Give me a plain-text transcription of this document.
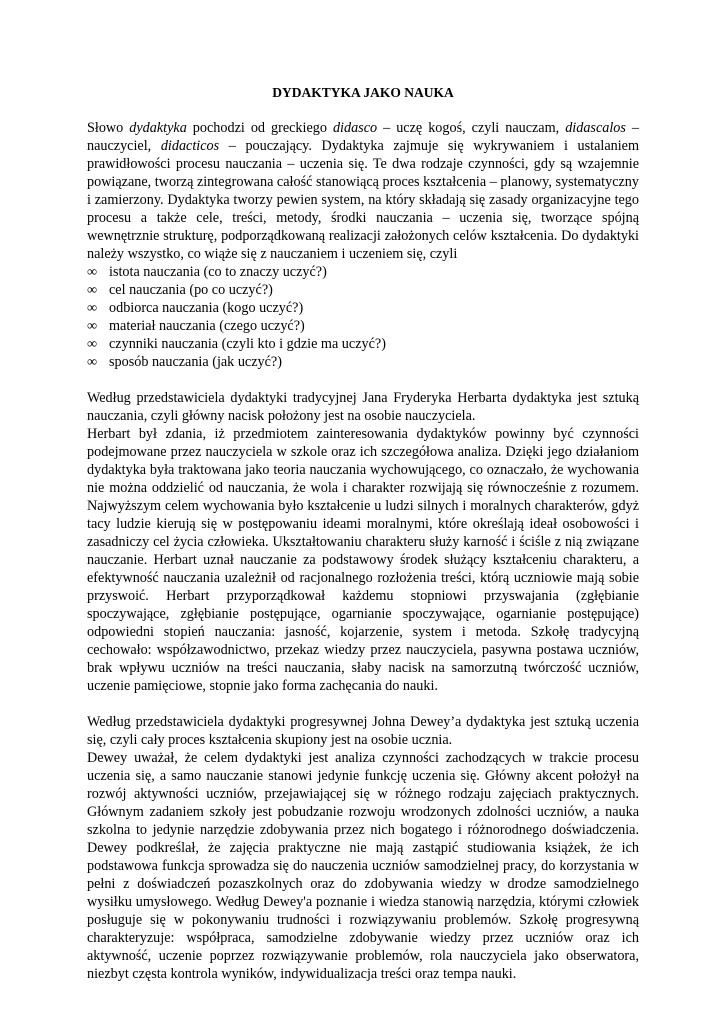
DYDAKTYKA JAKO NAUKA

Słowo dydaktyka pochodzi od greckiego didasco – uczę kogoś, czyli nauczam, didascalos – nauczyciel, didacticos – pouczający. Dydaktyka zajmuje się wykrywaniem i ustalaniem prawidłowości procesu nauczania – uczenia się. Te dwa rodzaje czynności, gdy są wzajemnie powiązane, tworzą zintegrowana całość stanowiącą proces kształcenia – planowy, systematyczny i zamierzony. Dydaktyka tworzy pewien system, na który składają się zasady organizacyjne tego procesu a także cele, treści, metody, środki nauczania – uczenia się, tworzące spójną wewnętrznie strukturę, podporządkowaną realizacji założonych celów kształcenia. Do dydaktyki należy wszystko, co wiąże się z nauczaniem i uczeniem się, czyli

∞ istota nauczania (co to znaczy uczyć?)
∞ cel nauczania (po co uczyć?)
∞ odbiorca nauczania (kogo uczyć?)
∞ materiał nauczania (czego uczyć?)
∞ czynniki nauczania (czyli kto i gdzie ma uczyć?)
∞ sposób nauczania (jak uczyć?)

Według przedstawiciela dydaktyki tradycyjnej Jana Fryderyka Herbarta dydaktyka jest sztuką nauczania, czyli główny nacisk położony jest na osobie nauczyciela.

Herbart był zdania, iż przedmiotem zainteresowania dydaktyków powinny być czynności podejmowane przez nauczyciela w szkole oraz ich szczegółowa analiza. Dzięki jego działaniom dydaktyka była traktowana jako teoria nauczania wychowującego, co oznaczało, że wychowania nie można oddzielić od nauczania, że wola i charakter rozwijają się równocześnie z rozumem. Najwyższym celem wychowania było kształcenie u ludzi silnych i moralnych charakterów, gdyż tacy ludzie kierują się w postępowaniu ideami moralnymi, które określają ideał osobowości i zasadniczy cel życia człowieka. Ukształtowaniu charakteru służy karność i ściśle z nią związane nauczanie. Herbart uznał nauczanie za podstawowy środek służący kształceniu charakteru, a efektywność nauczania uzależnił od racjonalnego rozłożenia treści, którą uczniowie mają sobie przyswoić. Herbart przyporządkował każdemu stopniowi przyswajania (zgłębianie spoczywające, zgłębianie postępujące, ogarnianie spoczywające, ogarnianie postępujące) odpowiedni stopień nauczania: jasność, kojarzenie, system i metoda. Szkołę tradycyjną cechowało: współzawodnictwo, przekaz wiedzy przez nauczyciela, pasywna postawa uczniów, brak wpływu uczniów na treści nauczania, słaby nacisk na samorzutną twórczość uczniów, uczenie pamięciowe, stopnie jako forma zachęcania do nauki.

Według przedstawiciela dydaktyki progresywnej Johna Dewey’a dydaktyka jest sztuką uczenia się, czyli cały proces kształcenia skupiony jest na osobie ucznia.

Dewey uważał, że celem dydaktyki jest analiza czynności zachodzących w trakcie procesu uczenia się, a samo nauczanie stanowi jedynie funkcję uczenia się. Główny akcent położył na rozwój aktywności uczniów, przejawiającej się w różnego rodzaju zajęciach praktycznych. Głównym zadaniem szkoły jest pobudzanie rozwoju wrodzonych zdolności uczniów, a nauka szkolna to jedynie narzędzie zdobywania przez nich bogatego i różnorodnego doświadczenia. Dewey podkreślał, że zajęcia praktyczne nie mają zastąpić studiowania książek, że ich podstawowa funkcja sprowadza się do nauczenia uczniów samodzielnej pracy, do korzystania w pełni z doświadczeń pozaszkolnych oraz do zdobywania wiedzy w drodze samodzielnego wysiłku umysłowego. Według Dewey'a poznanie i wiedza stanowią narzędzia, którymi człowiek posługuje się w pokonywaniu trudności i rozwiązywaniu problemów. Szkołę progresywną charakteryzuje: współpraca, samodzielne zdobywanie wiedzy przez uczniów oraz ich aktywność, uczenie poprzez rozwiązywanie problemów, rola nauczyciela jako obserwatora, niezbyt częsta kontrola wyników, indywidualizacja treści oraz tempa nauki.
